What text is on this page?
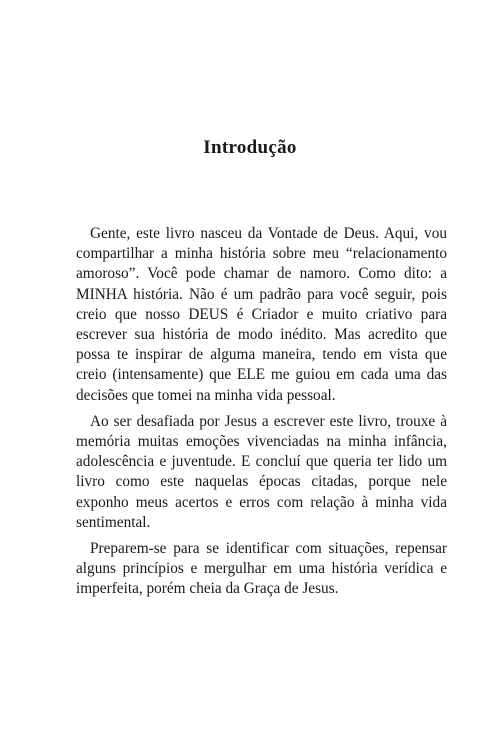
Introdução

Gente, este livro nasceu da Vontade de Deus. Aqui, vou compartilhar a minha história sobre meu “relacionamento amoroso”. Você pode chamar de namoro. Como dito: a MINHA história. Não é um padrão para você seguir, pois creio que nosso DEUS é Criador e muito criativo para escrever sua história de modo inédito. Mas acredito que possa te inspirar de alguma maneira, tendo em vista que creio (intensamente) que ELE me guiou em cada uma das decisões que tomei na minha vida pessoal.

Ao ser desafiada por Jesus a escrever este livro, trouxe à memória muitas emoções vivenciadas na minha infância, adolescência e juventude. E concluí que queria ter lido um livro como este naquelas épocas citadas, porque nele exponho meus acertos e erros com relação à minha vida sentimental.

Preparem-se para se identificar com situações, repensar alguns princípios e mergulhar em uma história verídica e imperfeita, porém cheia da Graça de Jesus.
